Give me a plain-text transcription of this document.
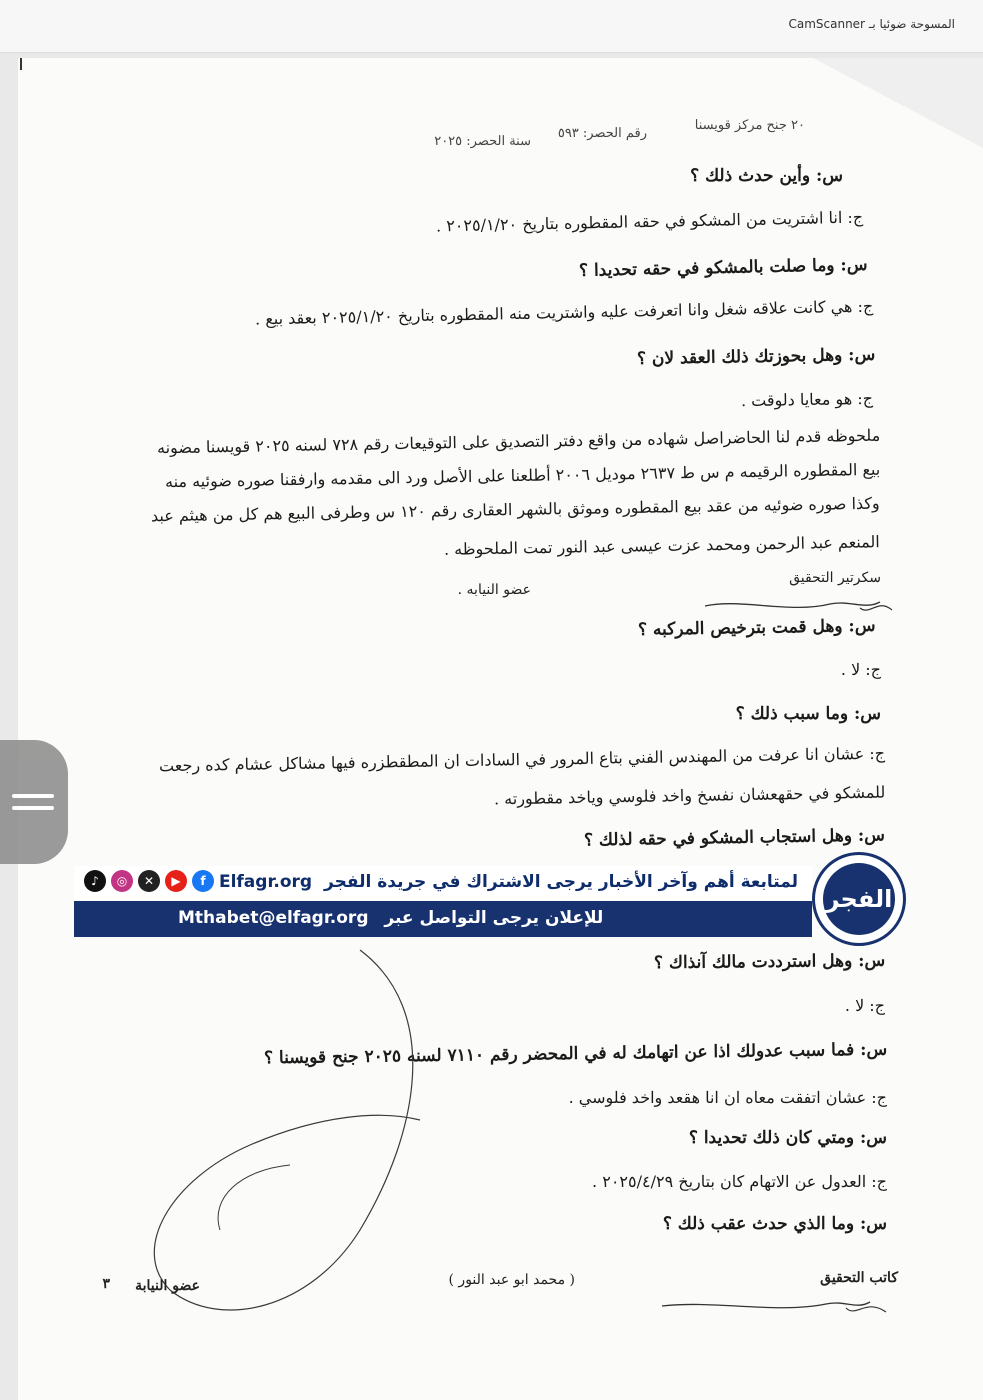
المسوحة ضوئيا بـ CamScanner
٢٠ جنح مركز قويسنا
رقم الحصر: ٥٩٣
سنة الحصر: ٢٠٢٥
س: وأين حدث ذلك ؟
ج: انا اشتريت من المشكو في حقه المقطوره بتاريخ ٢٠٢٥/١/٢٠ .
س: وما صلت بالمشكو في حقه تحديدا ؟
ج: هي كانت علاقه شغل وانا اتعرفت عليه واشتريت منه المقطوره بتاريخ ٢٠٢٥/١/٢٠ بعقد بيع .
س: وهل بحوزتك ذلك العقد لان ؟
ج: هو معايا دلوقت .
ملحوظه قدم لنا الحاضراصل شهاده من واقع دفتر التصديق على التوقيعات رقم ٧٢٨ لسنه ٢٠٢٥ قويسنا مضونه
بيع المقطوره الرقيمه م س ط ٢٦٣٧ موديل ٢٠٠٦ أطلعنا على الأصل ورد الى مقدمه وارفقنا صوره ضوئيه منه
وكذا صوره ضوئيه من عقد بيع المقطوره وموثق بالشهر العقارى رقم ١٢٠ س وطرفى البيع هم كل من هيثم عبد
المنعم عبد الرحمن ومحمد عزت عيسى عبد النور تمت الملحوظه .
سكرتير التحقيق
عضو النيابه .
س: وهل قمت بترخيص المركبه ؟
ج: لا .
س: وما سبب ذلك ؟
ج: عشان انا عرفت من المهندس الفني بتاع المرور في السادات ان المطقطزره فيها مشاكل عشام كده رجعت
للمشكو في حقهعشان نفسخ واخد فلوسي وياخد مقطورته .
س: وهل استجاب المشكو في حقه لذلك ؟
لمتابعة أهم وآخر الأخبار يرجى الاشتراك في جريدة الفجر Elfagr.org
♪	◎	✕	▶	f
Mthabet@elfagr.org للإعلان يرجى التواصل عبر
الفجر
س: وهل استرددت مالك آنذاك ؟
ج: لا .
س: فما سبب عدولك اذا عن اتهامك له في المحضر رقم ٧١١٠ لسنه ٢٠٢٥ جنح قويسنا ؟
ج: عشان اتفقت معاه ان انا هقعد واخد فلوسي .
س: ومتي كان ذلك تحديدا ؟
ج: العدول عن الاتهام كان بتاريخ ٢٠٢٥/٤/٢٩ .
س: وما الذي حدث عقب ذلك ؟
كاتب التحقيق
( محمد ابو عبد النور )
عضو النيابة
٣
